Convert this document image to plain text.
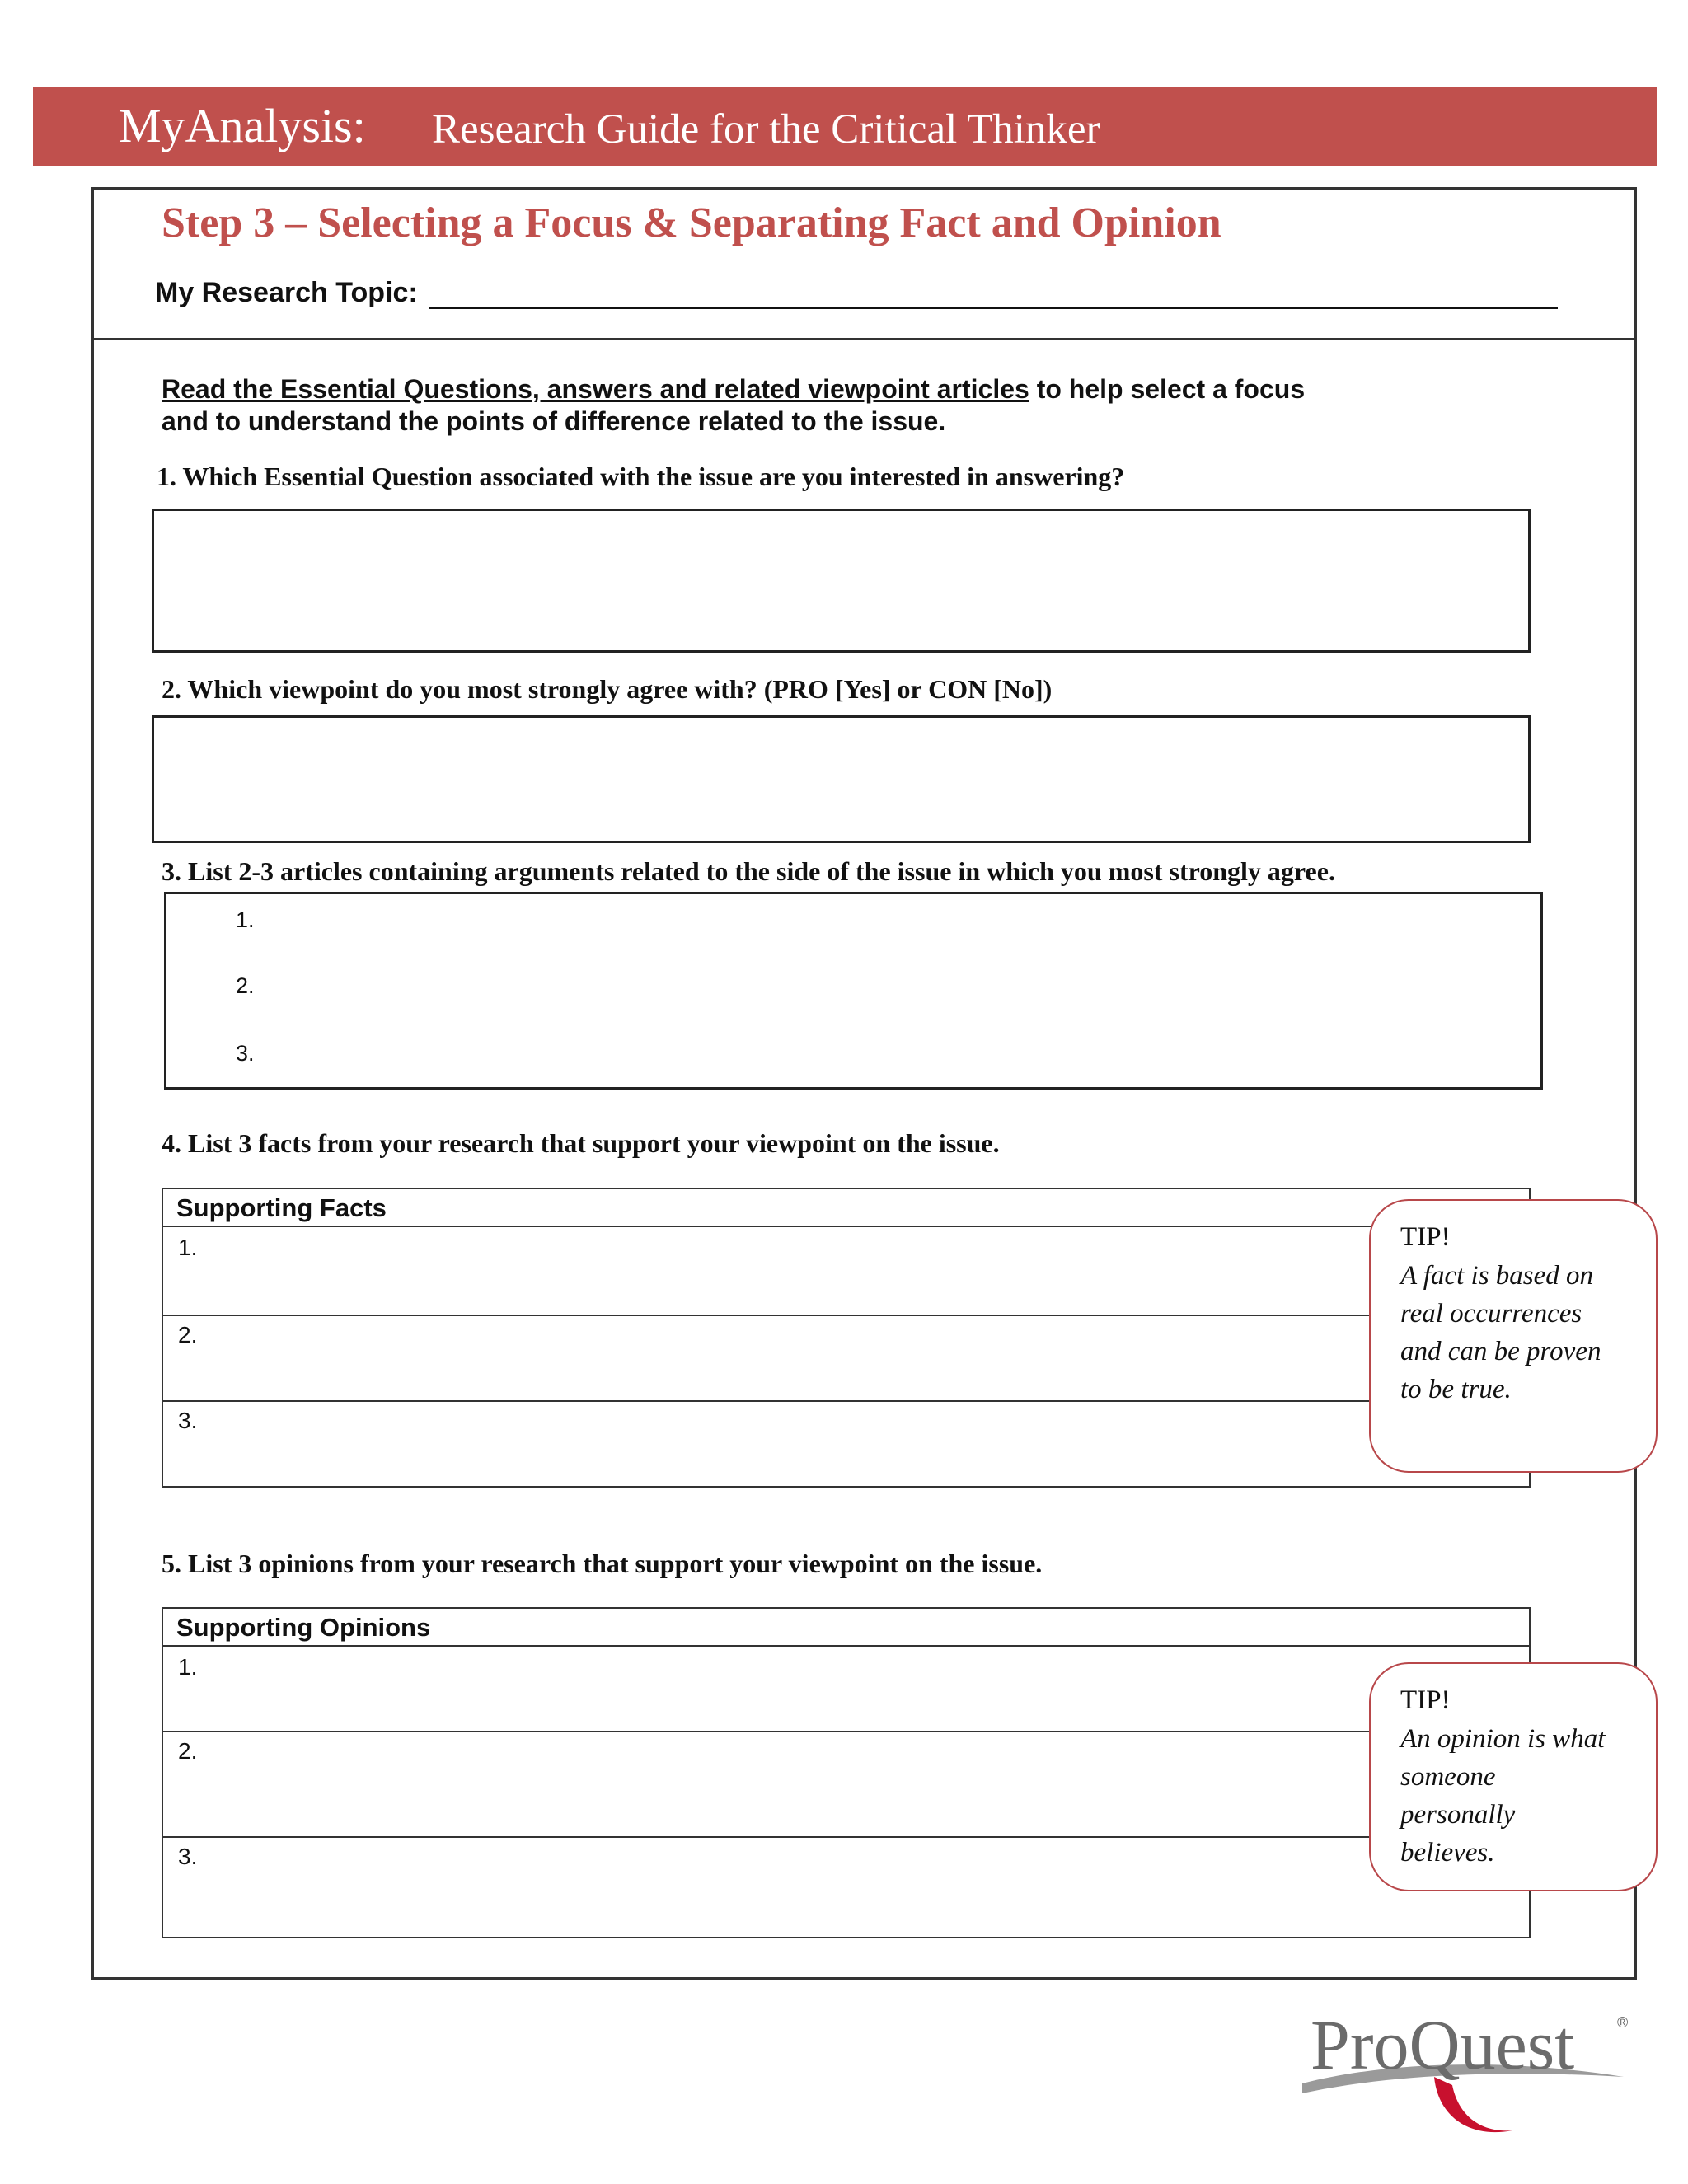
MyAnalysis: Research Guide for the Critical Thinker
Step 3 – Selecting a Focus & Separating Fact and Opinion
My Research Topic:
Read the Essential Questions, answers and related viewpoint articles to help select a focus
and to understand the points of difference related to the issue.
1. Which Essential Question associated with the issue are you interested in answering?
2. Which viewpoint do you most strongly agree with? (PRO [Yes] or CON [No])
3. List 2-3 articles containing arguments related to the side of the issue in which you most strongly agree.
1.
2.
3.
4. List 3 facts from your research that support your viewpoint on the issue.
Supporting Facts
1.
2.
3.
TIP!
A fact is based on real occurrences and can be proven to be true.
5. List 3 opinions from your research that support your viewpoint on the issue.
Supporting Opinions
1.
2.
3.
TIP!
An opinion is what someone personally believes.
ProQuest	®
